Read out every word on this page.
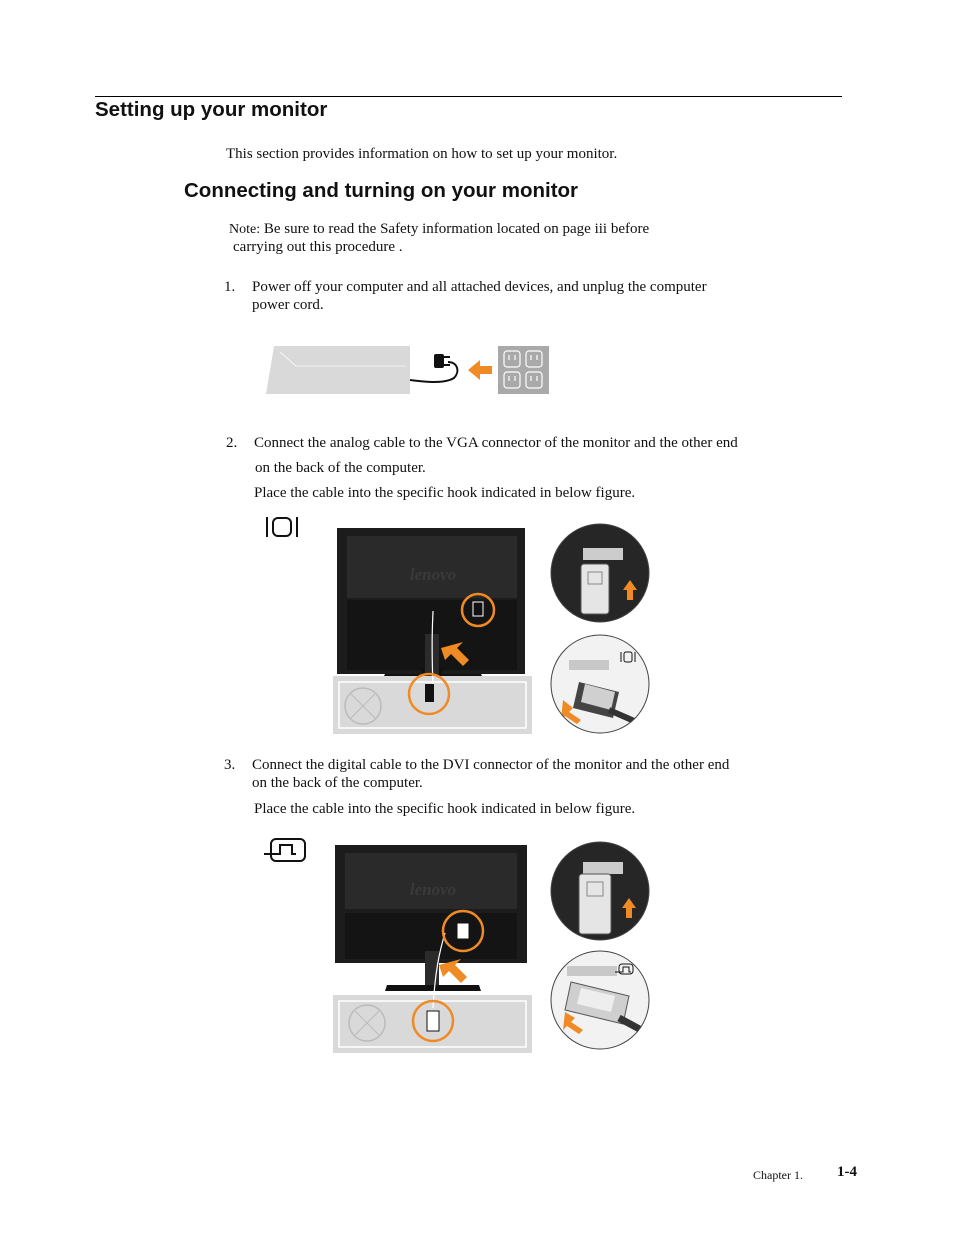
Setting up your monitor
This section provides information on how to set up your monitor.
Connecting and turning on your monitor
Note: Be sure to read the Safety information located on page iii before
carrying out this procedure .
1. Power off your computer and all attached devices, and unplug the computer
power cord.
2. Connect the analog cable to the VGA connector of the monitor and the other end
on the back of the computer.
Place the cable into the specific hook indicated in below figure.
lenovo
3. Connect the digital cable to the DVI connector of the monitor and the other end
on the back of the computer.
Place the cable into the specific hook indicated in below figure.
lenovo
Chapter 1. 1-4
